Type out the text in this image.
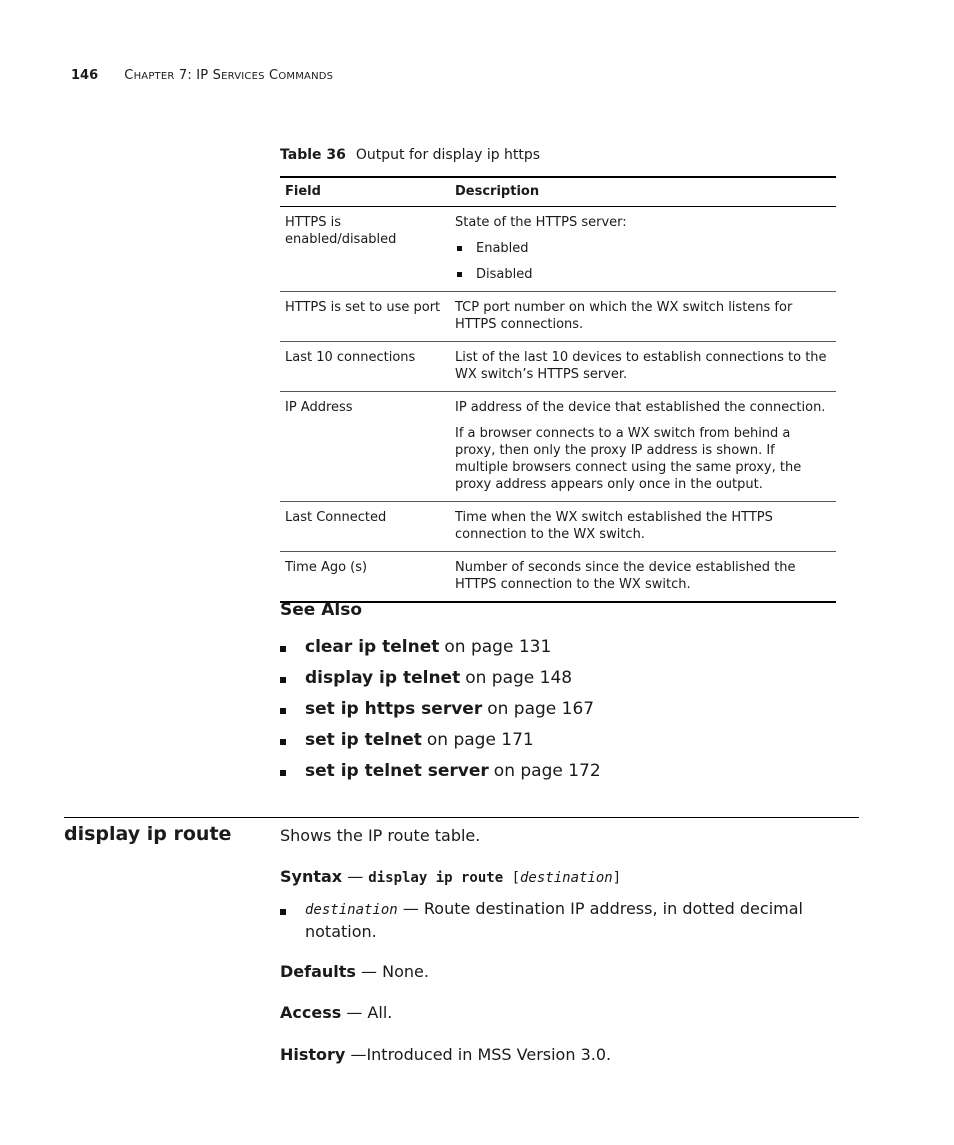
146 CHAPTER 7: IP SERVICES COMMANDS
Table 36 Output for display ip https
Field	Description
HTTPS is enabled/disabled	State of the HTTPS server:
Enabled
Disabled

HTTPS is set to use port	TCP port number on which the WX switch listens for HTTPS connections.
Last 10 connections	List of the last 10 devices to establish connections to the WX switch’s HTTPS server.
IP Address	IP address of the device that established the connection.
If a browser connects to a WX switch from behind a proxy, then only the proxy IP address is shown. If multiple browsers connect using the same proxy, the proxy address appears only once in the output.

Last Connected	Time when the WX switch established the HTTPS connection to the WX switch.
Time Ago (s)	Number of seconds since the device established the HTTPS connection to the WX switch.
See Also
clear ip telnet on page 131
display ip telnet on page 148
set ip https server on page 167
set ip telnet on page 171
set ip telnet server on page 172
display ip route	Shows the IP route table.
Syntax — display ip route [destination]
destination — Route destination IP address, in dotted decimal notation.
Defaults — None.
Access — All.
History —Introduced in MSS Version 3.0.
